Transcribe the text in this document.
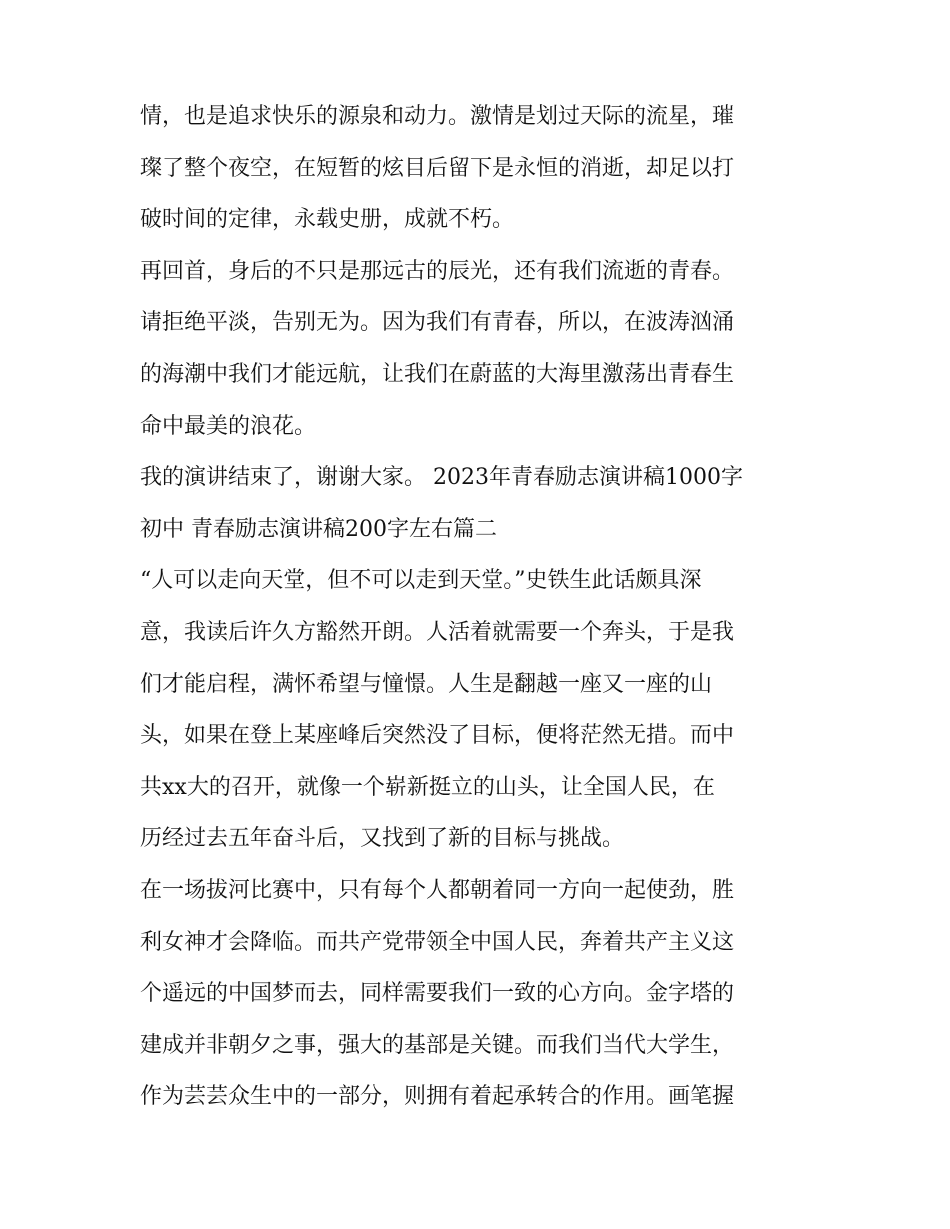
情，也是追求快乐的源泉和动力。激情是划过天际的流星，璀
璨了整个夜空，在短暂的炫目后留下是永恒的消逝，却足以打
破时间的定律，永载史册，成就不朽。
再回首，身后的不只是那远古的辰光，还有我们流逝的青春。
请拒绝平淡，告别无为。因为我们有青春，所以，在波涛汹涌
的海潮中我们才能远航，让我们在蔚蓝的大海里激荡出青春生
命中最美的浪花。
我的演讲结束了，谢谢大家。 2023年青春励志演讲稿1000字
初中 青春励志演讲稿200字左右篇二
“人可以走向天堂，但不可以走到天堂。”史铁生此话颇具深
意，我读后许久方豁然开朗。人活着就需要一个奔头，于是我
们才能启程，满怀希望与憧憬。人生是翻越一座又一座的山
头，如果在登上某座峰后突然没了目标，便将茫然无措。而中
共xx大的召开，就像一个崭新挺立的山头，让全国人民，在
历经过去五年奋斗后，又找到了新的目标与挑战。
在一场拔河比赛中，只有每个人都朝着同一方向一起使劲，胜
利女神才会降临。而共产党带领全中国人民，奔着共产主义这
个遥远的中国梦而去，同样需要我们一致的心方向。金字塔的
建成并非朝夕之事，强大的基部是关键。而我们当代大学生，
作为芸芸众生中的一部分，则拥有着起承转合的作用。画笔握
